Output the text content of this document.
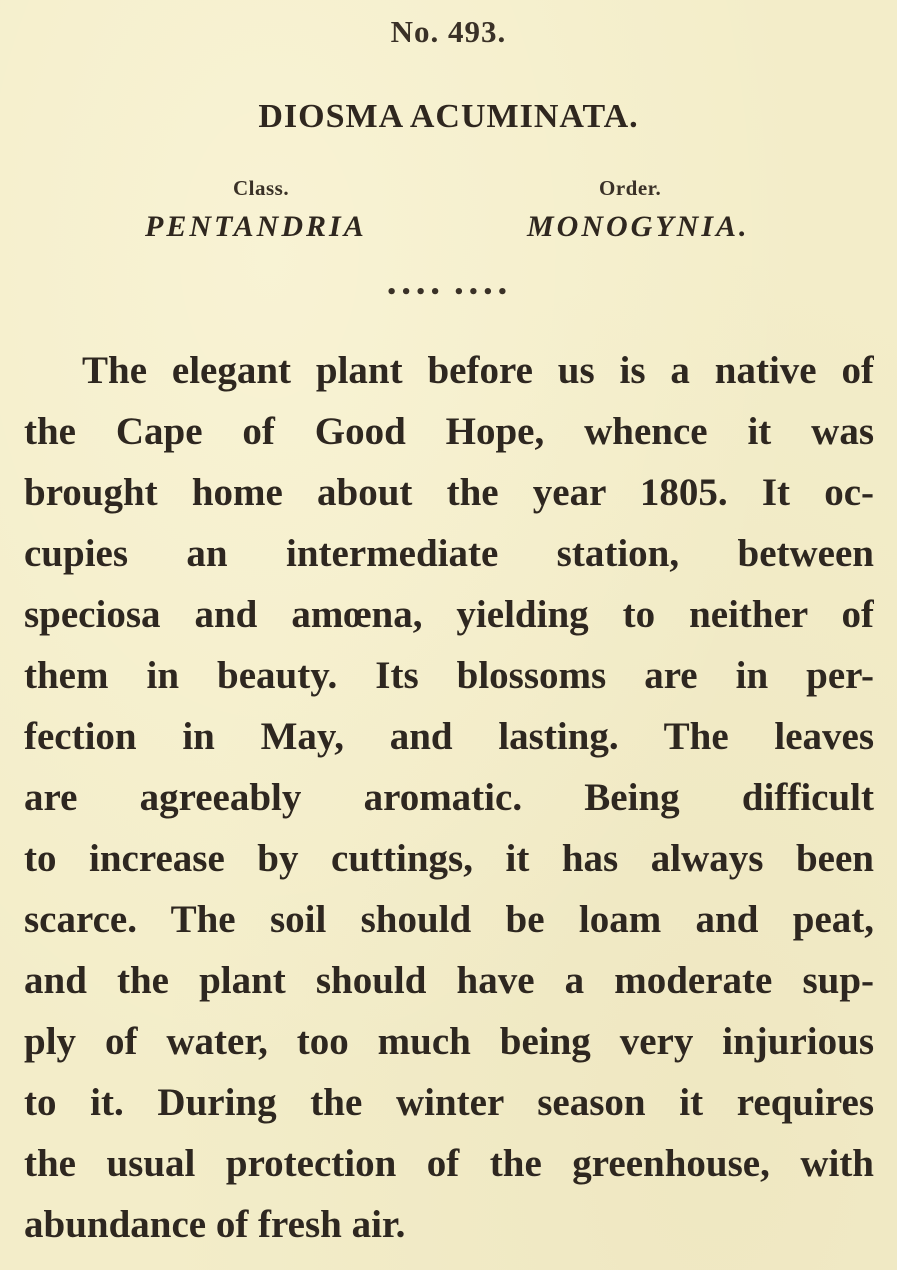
No. 493.
DIOSMA ACUMINATA.
Class.	Order.
PENTANDRIA	MONOGYNIA.
•••• ••••
The elegant plant before us is a native of
the Cape of Good Hope, whence it was
brought home about the year 1805. It oc-
cupies an intermediate station, between
speciosa and amœna, yielding to neither of
them in beauty. Its blossoms are in per-
fection in May, and lasting. The leaves
are agreeably aromatic. Being difficult
to increase by cuttings, it has always been
scarce. The soil should be loam and peat,
and the plant should have a moderate sup-
ply of water, too much being very injurious
to it. During the winter season it requires
the usual protection of the greenhouse, with
abundance of fresh air.
